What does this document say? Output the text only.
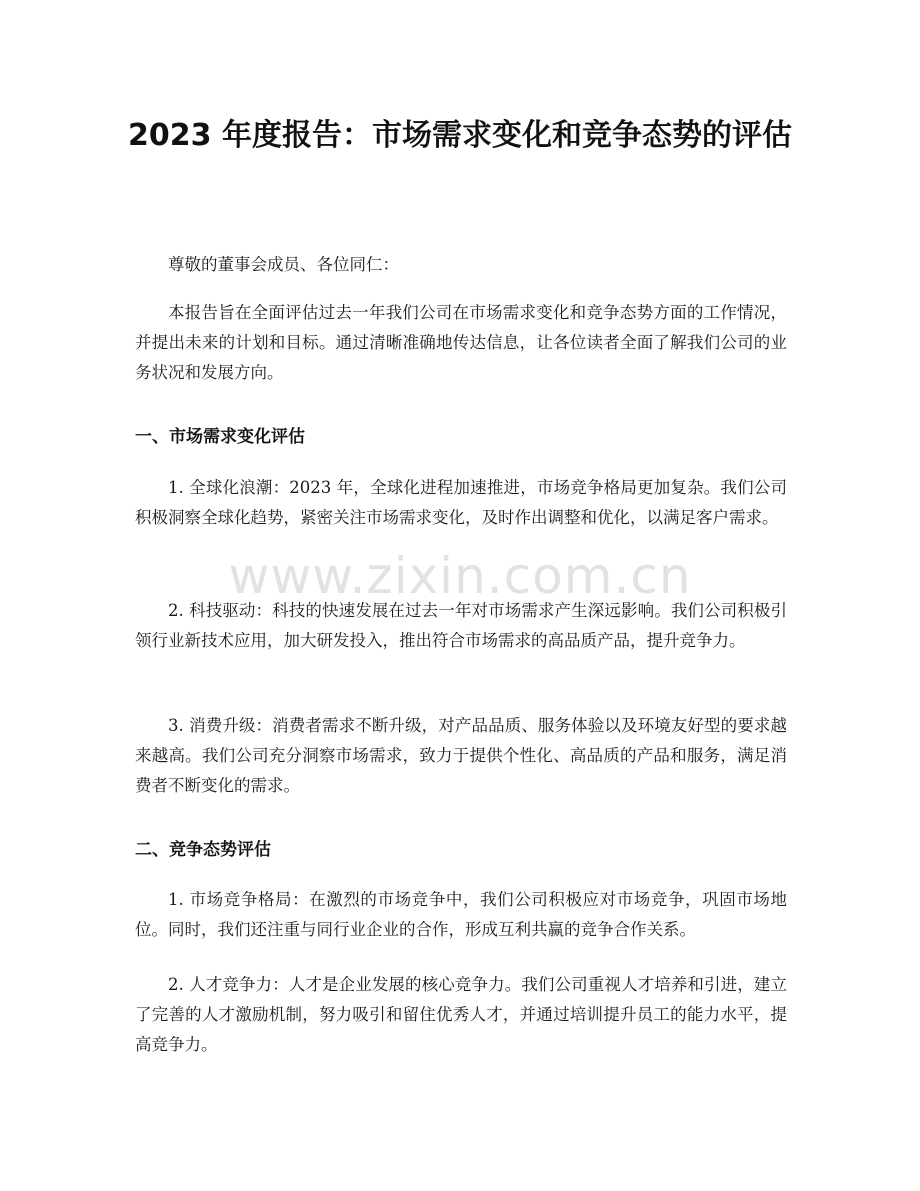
2023 年度报告：市场需求变化和竞争态势的评估

尊敬的董事会成员、各位同仁：

本报告旨在全面评估过去一年我们公司在市场需求变化和竞争态势方面的工作情况，并提出未来的计划和目标。通过清晰准确地传达信息，让各位读者全面了解我们公司的业务状况和发展方向。

一、市场需求变化评估

1. 全球化浪潮：2023 年，全球化进程加速推进，市场竞争格局更加复杂。我们公司积极洞察全球化趋势，紧密关注市场需求变化，及时作出调整和优化，以满足客户需求。

2. 科技驱动：科技的快速发展在过去一年对市场需求产生深远影响。我们公司积极引领行业新技术应用，加大研发投入，推出符合市场需求的高品质产品，提升竞争力。

3. 消费升级：消费者需求不断升级，对产品品质、服务体验以及环境友好型的要求越来越高。我们公司充分洞察市场需求，致力于提供个性化、高品质的产品和服务，满足消费者不断变化的需求。

二、竞争态势评估

1. 市场竞争格局：在激烈的市场竞争中，我们公司积极应对市场竞争，巩固市场地位。同时，我们还注重与同行业企业的合作，形成互利共赢的竞争合作关系。

2. 人才竞争力：人才是企业发展的核心竞争力。我们公司重视人才培养和引进，建立了完善的人才激励机制，努力吸引和留住优秀人才，并通过培训提升员工的能力水平，提高竞争力。

www.zixin.com.cn
